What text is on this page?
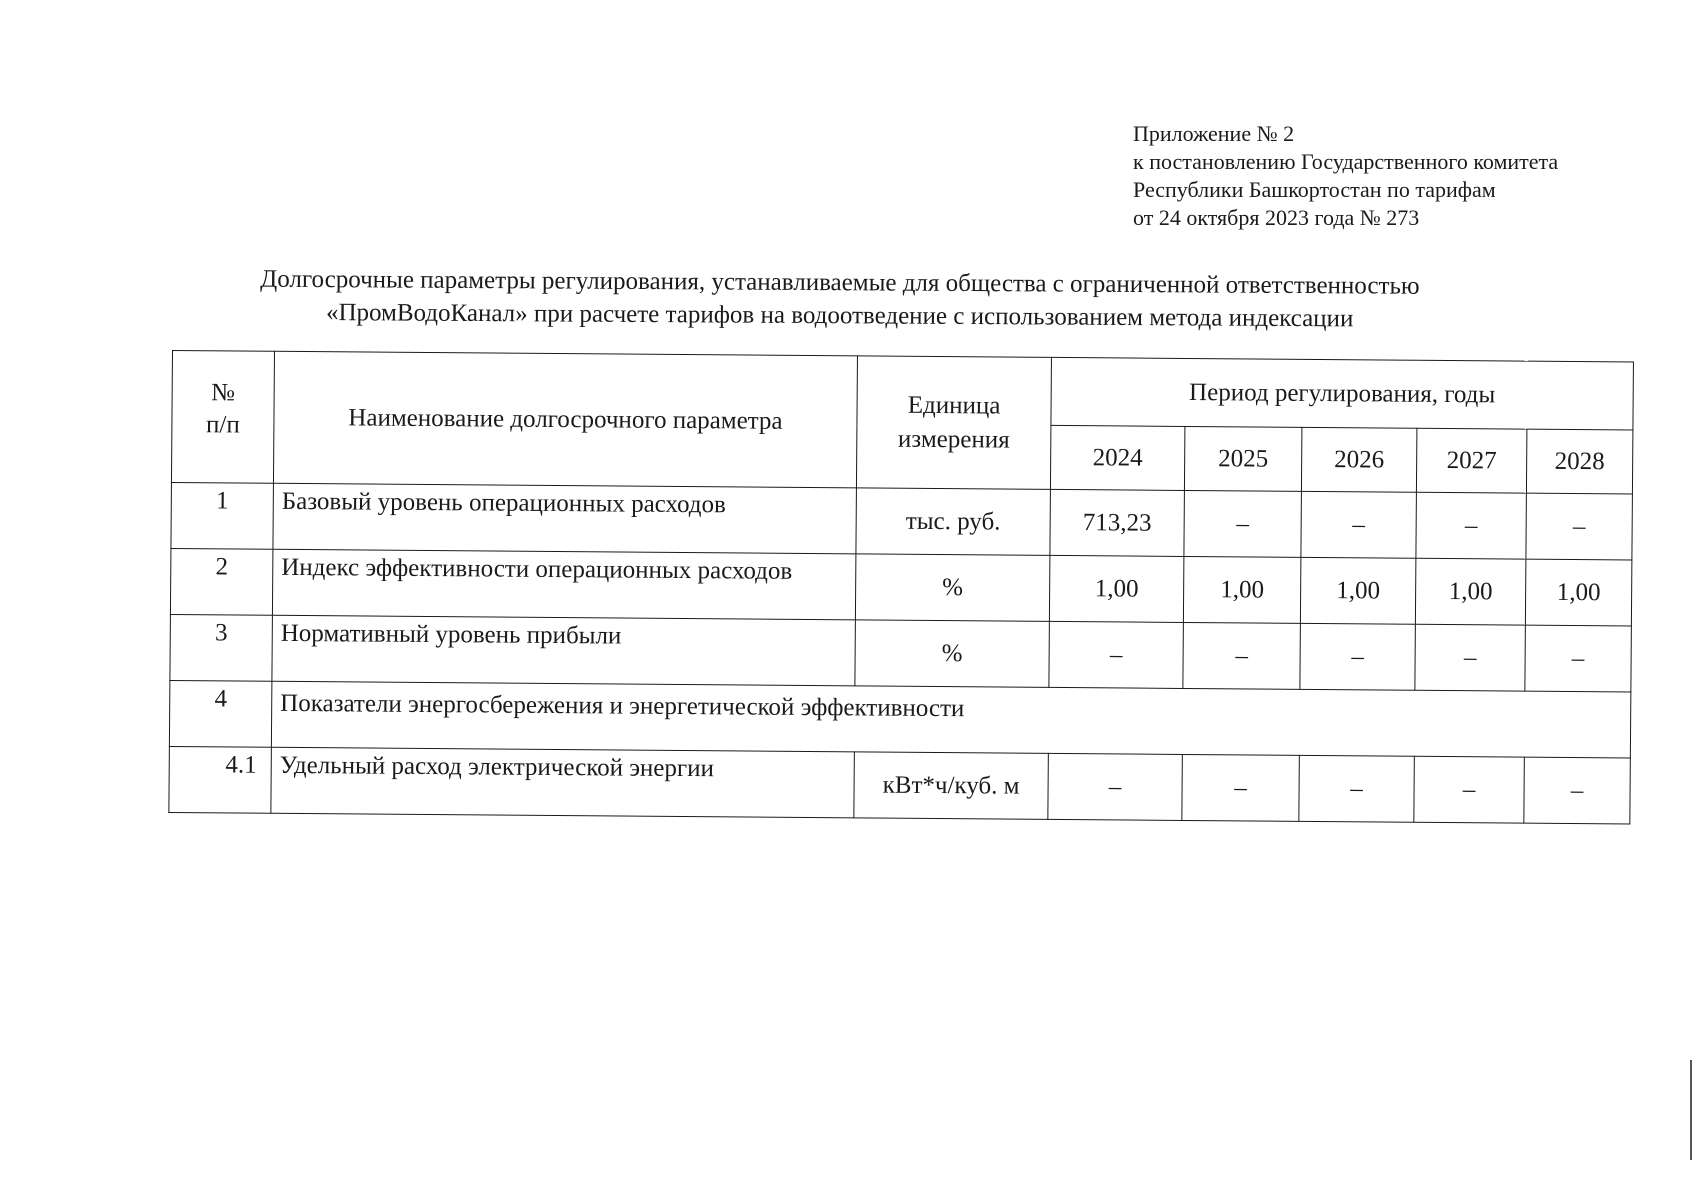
Приложение № 2
к постановлению Государственного комитета
Республики Башкортостан по тарифам
от 24 октября 2023 года № 273
Долгосрочные параметры регулирования, устанавливаемые для общества с ограниченной ответственностью
«ПромВодоКанал» при расчете тарифов на водоотведение с использованием метода индексации
№ п/п	Наименование долгосрочного параметра	Единица измерения	Период регулирования, годы				
			2024	2025	2026	2027	2028
1	Базовый уровень операционных расходов	тыс. руб.	713,23	–	–	–	–
2	Индекс эффективности операционных расходов	%	1,00	1,00	1,00	1,00	1,00
3	Нормативный уровень прибыли	%	–	–	–	–	–
4	Показатели энергосбережения и энергетической эффективности						
4.1	Удельный расход электрической энергии	кВт*ч/куб. м	–	–	–	–	–
